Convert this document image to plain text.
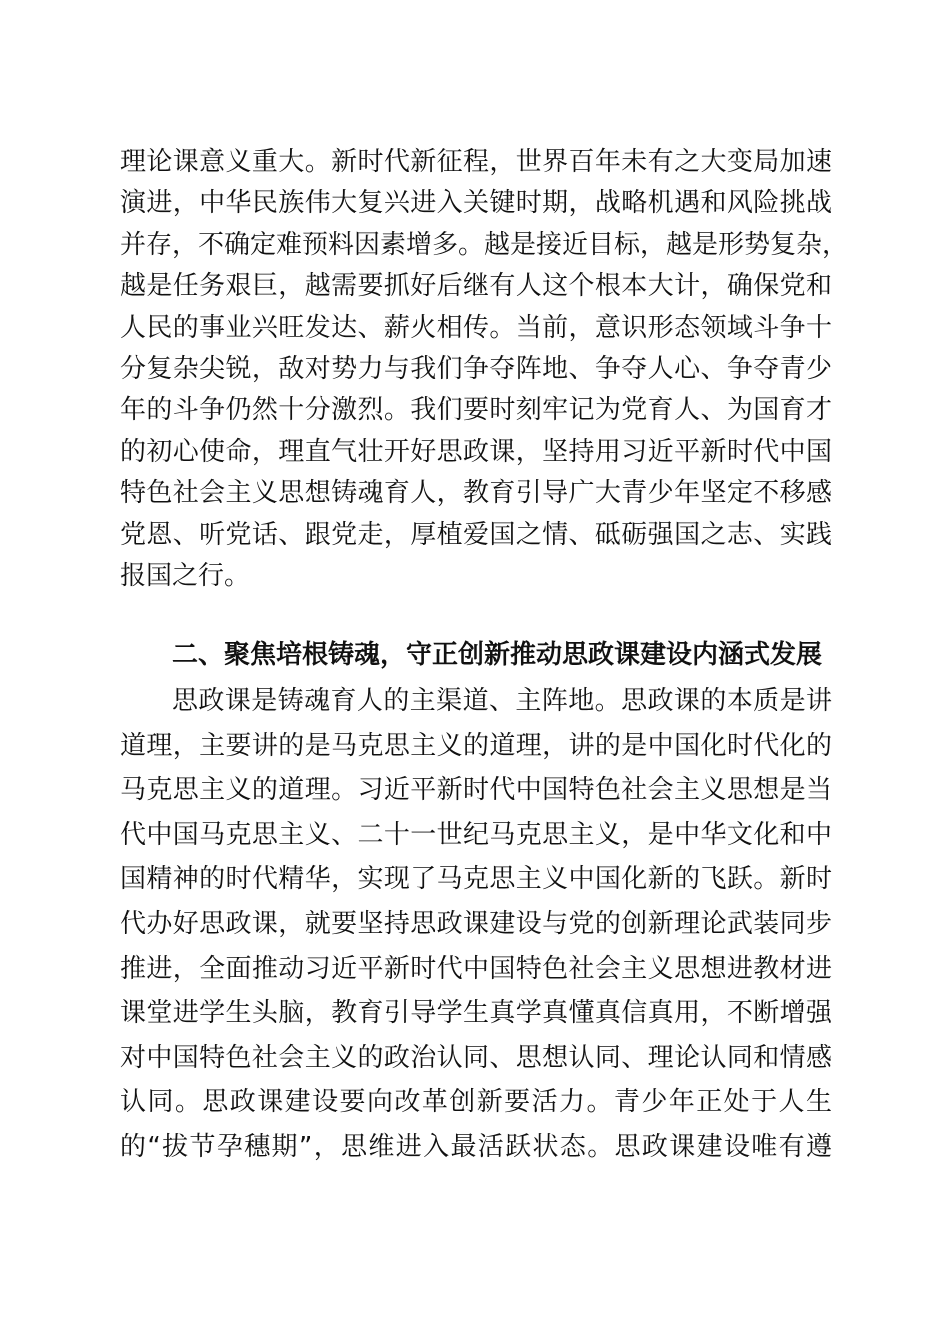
理论课意义重大。新时代新征程，世界百年未有之大变局加速
演进，中华民族伟大复兴进入关键时期，战略机遇和风险挑战
并存，不确定难预料因素增多。越是接近目标，越是形势复杂，
越是任务艰巨，越需要抓好后继有人这个根本大计，确保党和
人民的事业兴旺发达、薪火相传。当前，意识形态领域斗争十
分复杂尖锐，敌对势力与我们争夺阵地、争夺人心、争夺青少
年的斗争仍然十分激烈。我们要时刻牢记为党育人、为国育才
的初心使命，理直气壮开好思政课，坚持用习近平新时代中国
特色社会主义思想铸魂育人，教育引导广大青少年坚定不移感
党恩、听党话、跟党走，厚植爱国之情、砥砺强国之志、实践
报国之行。
二、聚焦培根铸魂，守正创新推动思政课建设内涵式发展
思政课是铸魂育人的主渠道、主阵地。思政课的本质是讲
道理，主要讲的是马克思主义的道理，讲的是中国化时代化的
马克思主义的道理。习近平新时代中国特色社会主义思想是当
代中国马克思主义、二十一世纪马克思主义，是中华文化和中
国精神的时代精华，实现了马克思主义中国化新的飞跃。新时
代办好思政课，就要坚持思政课建设与党的创新理论武装同步
推进，全面推动习近平新时代中国特色社会主义思想进教材进
课堂进学生头脑，教育引导学生真学真懂真信真用，不断增强
对中国特色社会主义的政治认同、思想认同、理论认同和情感
认同。思政课建设要向改革创新要活力。青少年正处于人生
的“拔节孕穗期”，思维进入最活跃状态。思政课建设唯有遵
